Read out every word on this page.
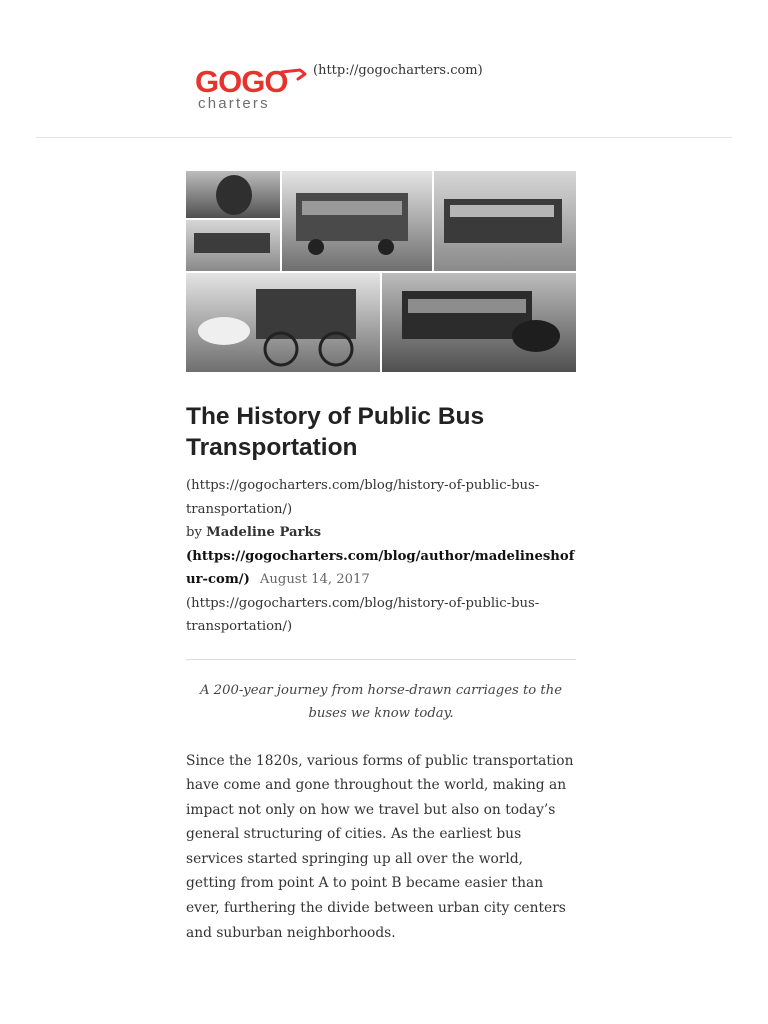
GOGO
charters
(http://gogocharters.com)
The History of Public Bus Transportation
(https://gogocharters.com/blog/history-of-public-bus-transportation/)
by Madeline Parks
(https://gogocharters.com/blog/author/madelineshofur-com/) August 14, 2017
(https://gogocharters.com/blog/history-of-public-bus-transportation/)

A 200-year journey from horse-drawn carriages to the buses we know today.

Since the 1820s, various forms of public transportation have come and gone throughout the world, making an impact not only on how we travel but also on today’s general structuring of cities. As the earliest bus services started springing up all over the world, getting from point A to point B became easier than ever, furthering the divide between urban city centers and suburban neighborhoods.
